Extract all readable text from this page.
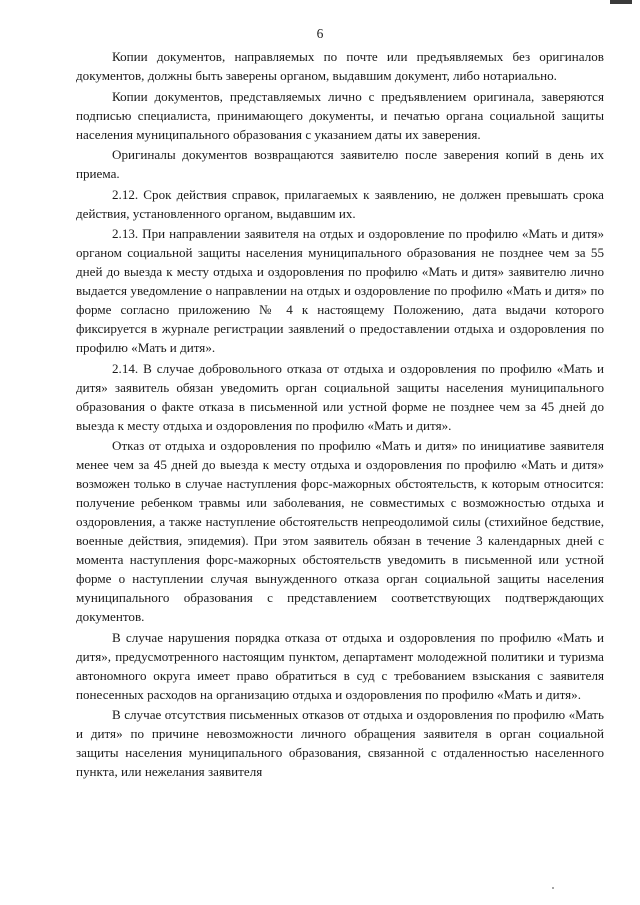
6

Копии документов, направляемых по почте или предъявляемых без оригиналов документов, должны быть заверены органом, выдавшим документ, либо нотариально.

Копии документов, представляемых лично с предъявлением оригинала, заверяются подписью специалиста, принимающего документы, и печатью органа социальной защиты населения муниципального образования с указанием даты их заверения.

Оригиналы документов возвращаются заявителю после заверения копий в день их приема.

2.12. Срок действия справок, прилагаемых к заявлению, не должен превышать срока действия, установленного органом, выдавшим их.

2.13. При направлении заявителя на отдых и оздоровление по профилю «Мать и дитя» органом социальной защиты населения муниципального образования не позднее чем за 55 дней до выезда к месту отдыха и оздоровления по профилю «Мать и дитя» заявителю лично выдается уведомление о направлении на отдых и оздоровление по профилю «Мать и дитя» по форме согласно приложению № 4 к настоящему Положению, дата выдачи которого фиксируется в журнале регистрации заявлений о предоставлении отдыха и оздоровления по профилю «Мать и дитя».

2.14. В случае добровольного отказа от отдыха и оздоровления по профилю «Мать и дитя» заявитель обязан уведомить орган социальной защиты населения муниципального образования о факте отказа в письменной или устной форме не позднее чем за 45 дней до выезда к месту отдыха и оздоровления по профилю «Мать и дитя».

Отказ от отдыха и оздоровления по профилю «Мать и дитя» по инициативе заявителя менее чем за 45 дней до выезда к месту отдыха и оздоровления по профилю «Мать и дитя» возможен только в случае наступления форс-мажорных обстоятельств, к которым относится: получение ребенком травмы или заболевания, не совместимых с возможностью отдыха и оздоровления, а также наступление обстоятельств непреодолимой силы (стихийное бедствие, военные действия, эпидемия). При этом заявитель обязан в течение 3 календарных дней с момента наступления форс-мажорных обстоятельств уведомить в письменной или устной форме о наступлении случая вынужденного отказа орган социальной защиты населения муниципального образования с представлением соответствующих подтверждающих документов.

В случае нарушения порядка отказа от отдыха и оздоровления по профилю «Мать и дитя», предусмотренного настоящим пунктом, департамент молодежной политики и туризма автономного округа имеет право обратиться в суд с требованием взыскания с заявителя понесенных расходов на организацию отдыха и оздоровления по профилю «Мать и дитя».

В случае отсутствия письменных отказов от отдыха и оздоровления по профилю «Мать и дитя» по причине невозможности личного обращения заявителя в орган социальной защиты населения муниципального образования, связанной с отдаленностью населенного пункта, или нежелания заявителя
